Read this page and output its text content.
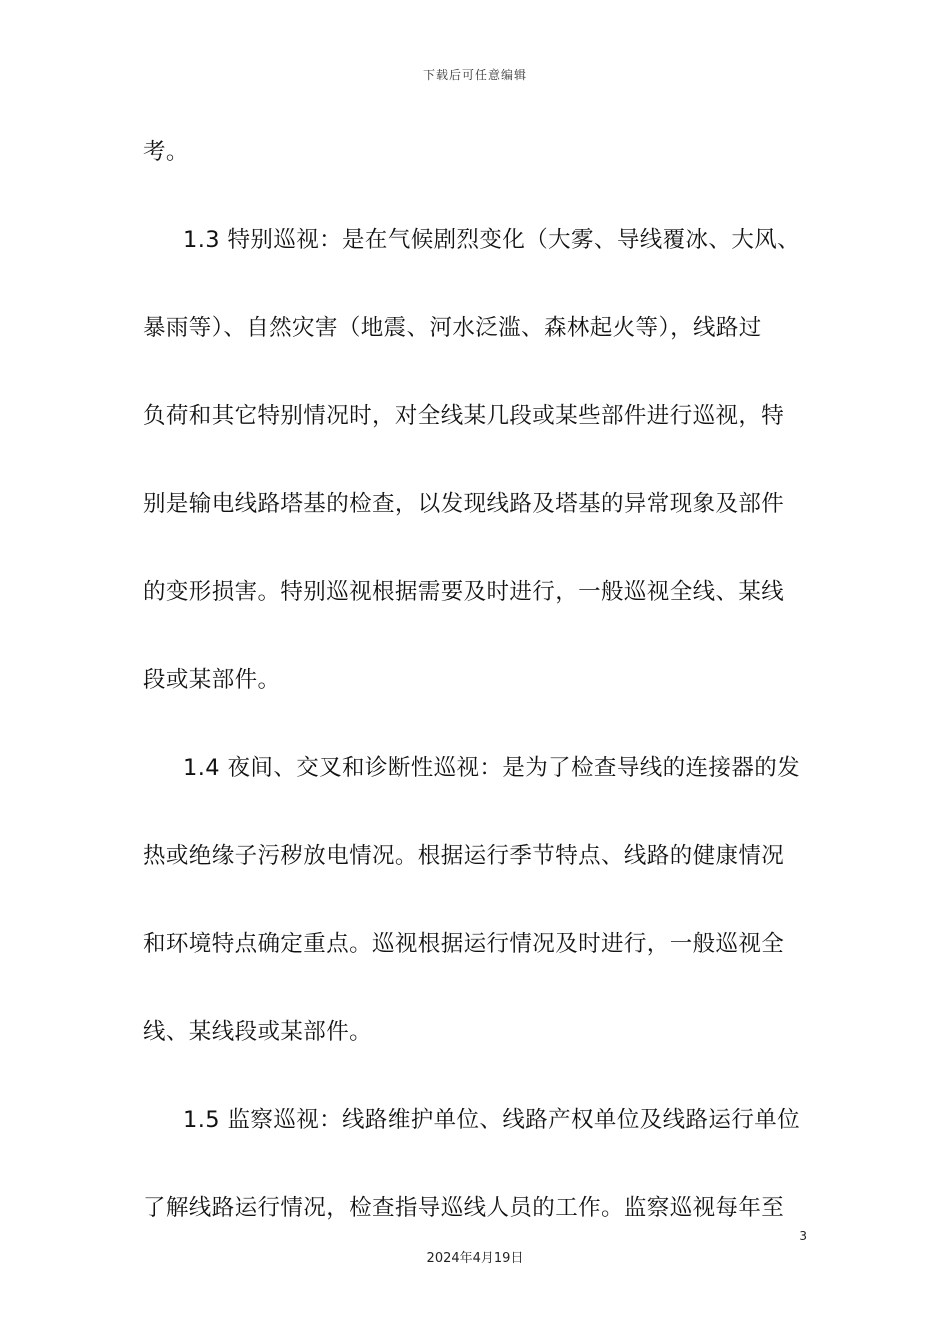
下载后可任意编辑
考。
1.3 特别巡视：是在气候剧烈变化（大雾、导线覆冰、大风、
暴雨等）、自然灾害（地震、河水泛滥、森林起火等），线路过
负荷和其它特别情况时，对全线某几段或某些部件进行巡视，特
别是输电线路塔基的检查，以发现线路及塔基的异常现象及部件
的变形损害。特别巡视根据需要及时进行，一般巡视全线、某线
段或某部件。
1.4 夜间、交叉和诊断性巡视：是为了检查导线的连接器的发
热或绝缘子污秽放电情况。根据运行季节特点、线路的健康情况
和环境特点确定重点。巡视根据运行情况及时进行，一般巡视全
线、某线段或某部件。
1.5 监察巡视：线路维护单位、线路产权单位及线路运行单位
了解线路运行情况，检查指导巡线人员的工作。监察巡视每年至
3
2024年4月19日
